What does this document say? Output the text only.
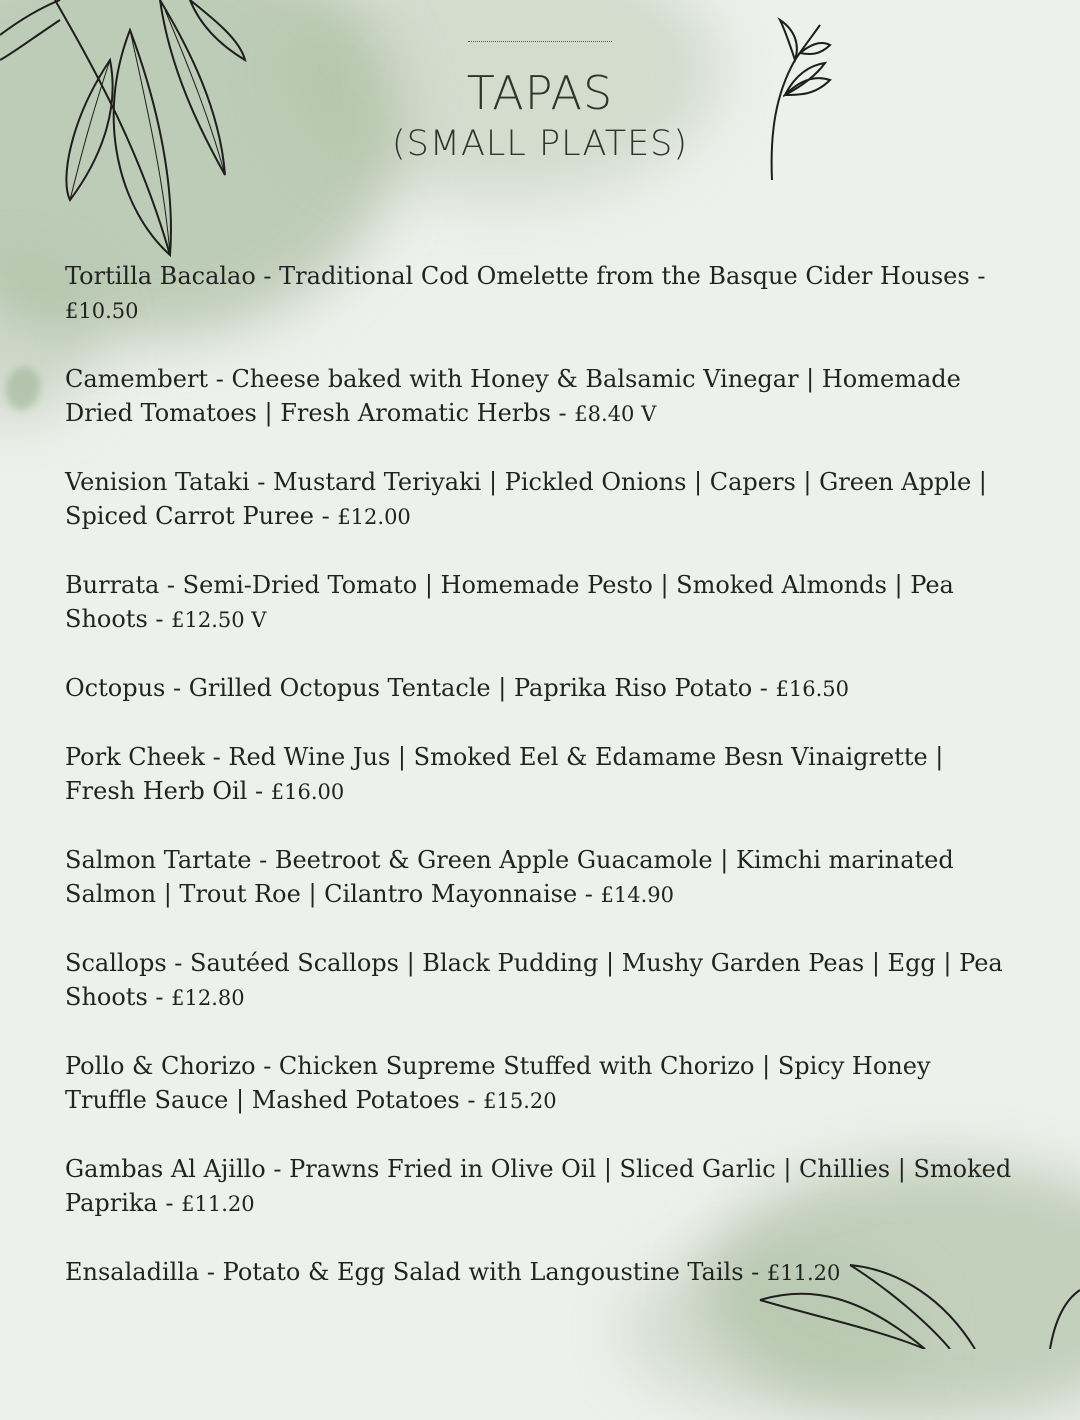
TAPAS
(SMALL PLATES)
Tortilla Bacalao - Traditional Cod Omelette from the Basque Cider Houses - £10.50
Camembert - Cheese baked with Honey & Balsamic Vinegar | Homemade Dried Tomatoes | Fresh Aromatic Herbs - £8.40 V
Venision Tataki - Mustard Teriyaki | Pickled Onions | Capers | Green Apple | Spiced Carrot Puree - £12.00
Burrata - Semi-Dried Tomato | Homemade Pesto | Smoked Almonds | Pea Shoots - £12.50 V
Octopus - Grilled Octopus Tentacle | Paprika Riso Potato - £16.50
Pork Cheek - Red Wine Jus | Smoked Eel & Edamame Besn Vinaigrette | Fresh Herb Oil - £16.00
Salmon Tartate - Beetroot & Green Apple Guacamole | Kimchi marinated Salmon | Trout Roe | Cilantro Mayonnaise - £14.90
Scallops - Sautéed Scallops | Black Pudding | Mushy Garden Peas | Egg | Pea Shoots - £12.80
Pollo & Chorizo - Chicken Supreme Stuffed with Chorizo | Spicy Honey Truffle Sauce | Mashed Potatoes - £15.20
Gambas Al Ajillo - Prawns Fried in Olive Oil | Sliced Garlic | Chillies | Smoked Paprika - £11.20
Ensaladilla - Potato & Egg Salad with Langoustine Tails - £11.20
